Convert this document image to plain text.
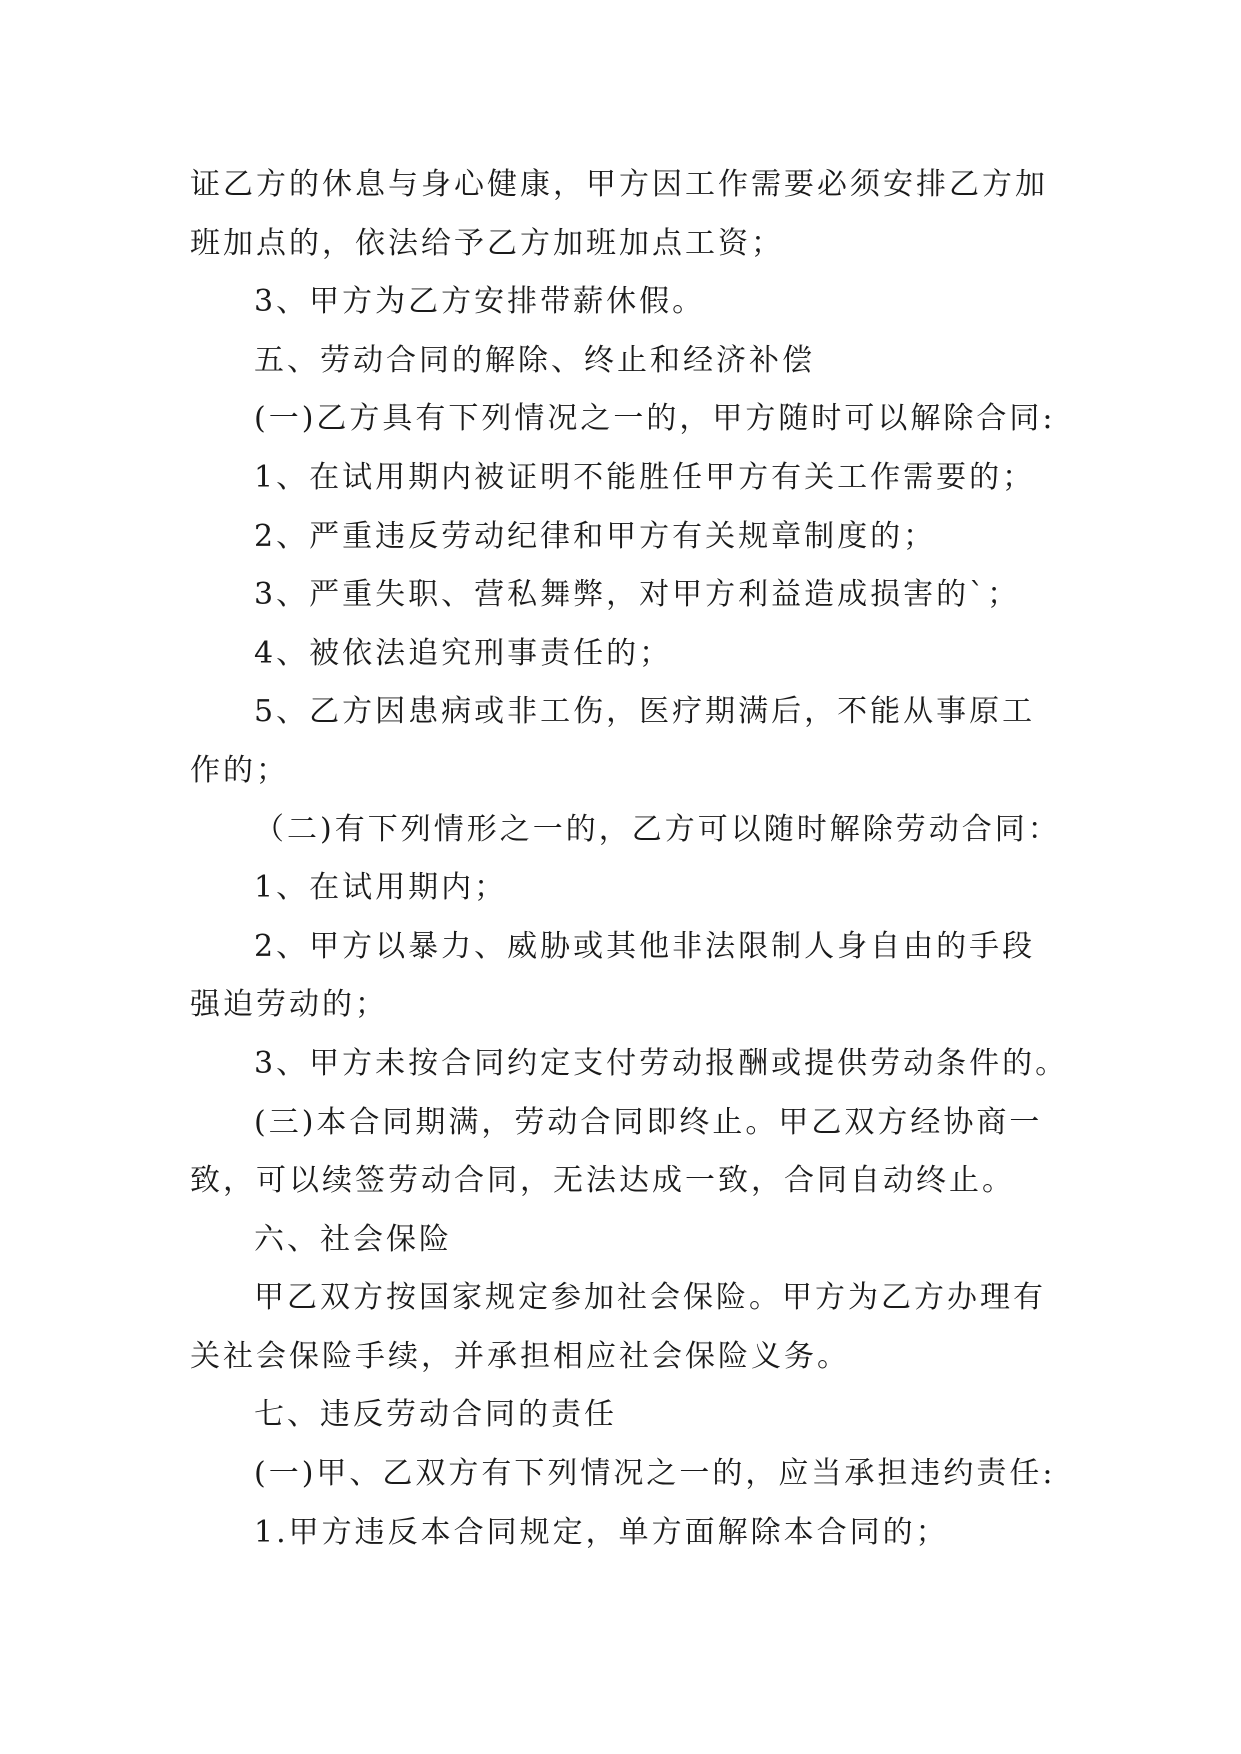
证乙方的休息与身心健康，甲方因工作需要必须安排乙方加
班加点的，依法给予乙方加班加点工资；
3、甲方为乙方安排带薪休假。
五、劳动合同的解除、终止和经济补偿
(一)乙方具有下列情况之一的，甲方随时可以解除合同:
1、在试用期内被证明不能胜任甲方有关工作需要的；
2、严重违反劳动纪律和甲方有关规章制度的；
3、严重失职、营私舞弊，对甲方利益造成损害的`；
4、被依法追究刑事责任的；
5、乙方因患病或非工伤，医疗期满后，不能从事原工
作的；
（二)有下列情形之一的，乙方可以随时解除劳动合同：
1、在试用期内；
2、甲方以暴力、威胁或其他非法限制人身自由的手段
强迫劳动的；
3、甲方未按合同约定支付劳动报酬或提供劳动条件的。
(三)本合同期满，劳动合同即终止。甲乙双方经协商一
致，可以续签劳动合同，无法达成一致，合同自动终止。
六、社会保险
甲乙双方按国家规定参加社会保险。甲方为乙方办理有
关社会保险手续，并承担相应社会保险义务。
七、违反劳动合同的责任
(一)甲、乙双方有下列情况之一的，应当承担违约责任:
1.甲方违反本合同规定，单方面解除本合同的；
